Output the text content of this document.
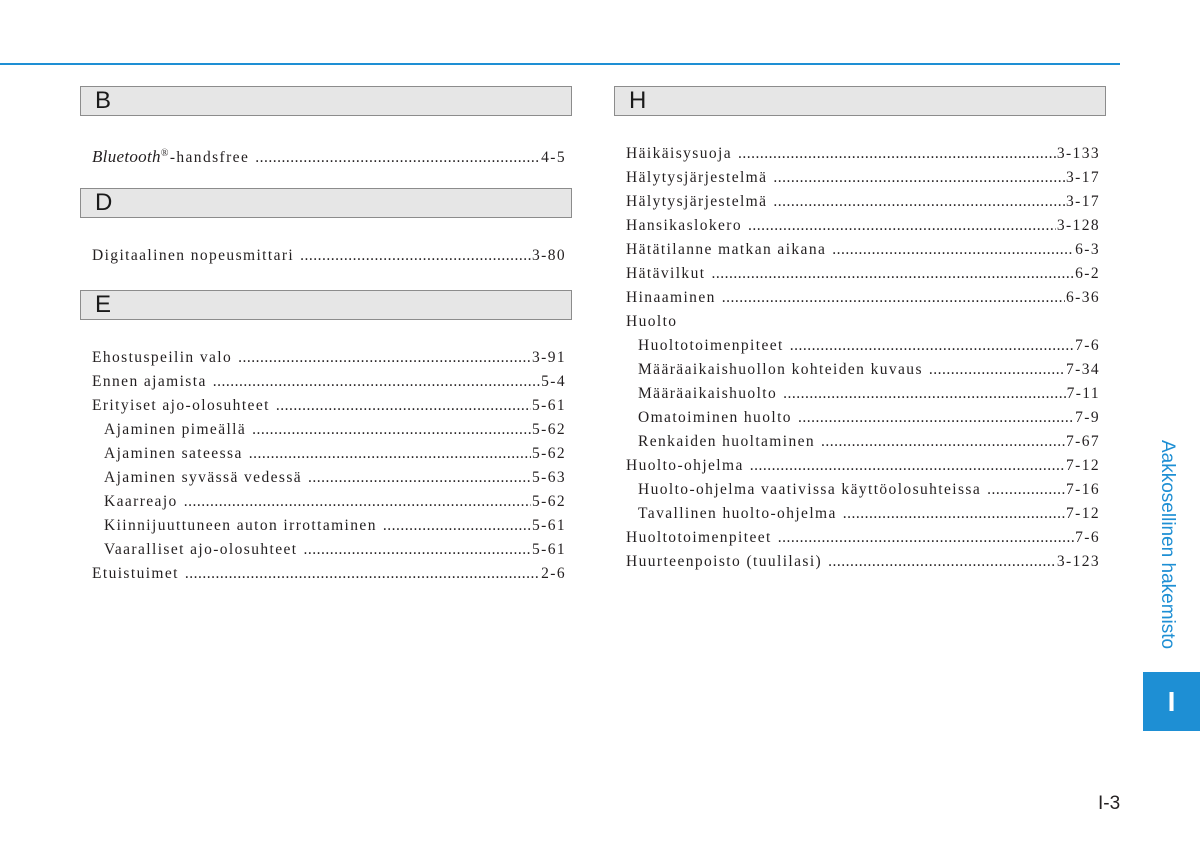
B
Bluetooth®-handsfree .....	4-5
D
Digitaalinen nopeusmittari .....	3-80
E
Ehostuspeilin valo .....	3-91
Ennen ajamista .....	5-4
Erityiset ajo-olosuhteet .....	5-61
Ajaminen pimeällä .....	5-62
Ajaminen sateessa .....	5-62
Ajaminen syvässä vedessä .....	5-63
Kaarreajo .....	5-62
Kiinnijuuttuneen auton irrottaminen .....	5-61
Vaaralliset ajo-olosuhteet .....	5-61
Etuistuimet .....	2-6
H
Häikäisysuoja .....	3-133
Hälytysjärjestelmä .....	3-17
Hälytysjärjestelmä .....	3-17
Hansikaslokero .....	3-128
Hätätilanne matkan aikana .....	6-3
Hätävilkut .....	6-2
Hinaaminen .....	6-36
Huolto
Huoltotoimenpiteet .....	7-6
Määräaikaishuollon kohteiden kuvaus .....	7-34
Määräaikaishuolto .....	7-11
Omatoiminen huolto .....	7-9
Renkaiden huoltaminen .....	7-67
Huolto-ohjelma .....	7-12
Huolto-ohjelma vaativissa käyttöolosuhteissa .....	7-16
Tavallinen huolto-ohjelma .....	7-12
Huoltotoimenpiteet .....	7-6
Huurteenpoisto (tuulilasi) .....	3-123	Aakkosellinen hakemisto
I
I-3
